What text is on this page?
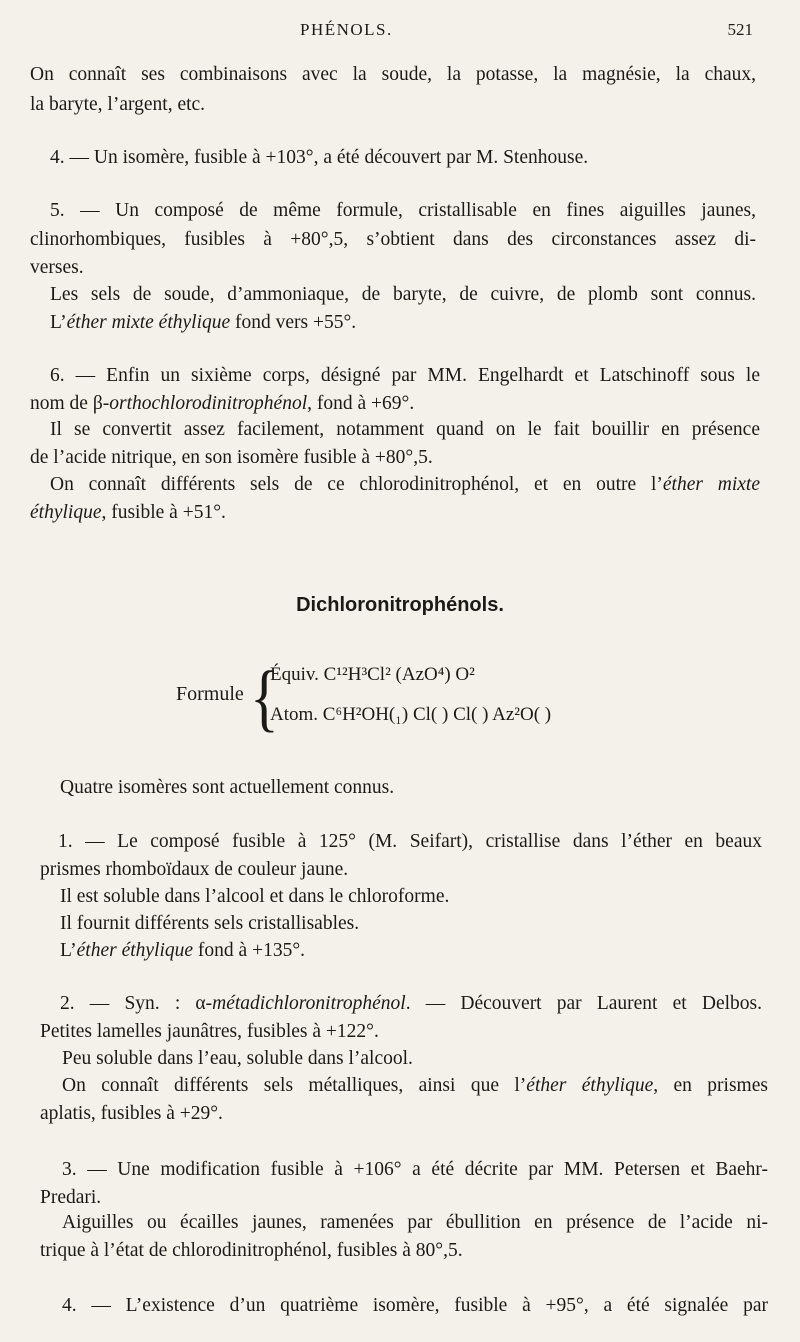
PHÉNOLS.	521
On connaît ses combinaisons avec la soude, la potasse, la magnésie, la chaux,
la baryte, l’argent, etc.
4. — Un isomère, fusible à +103°, a été découvert par M. Stenhouse.
5. — Un composé de même formule, cristallisable en fines aiguilles jaunes,
clinorhombiques, fusibles à +80°,5, s’obtient dans des circonstances assez di-
verses.
Les sels de soude, d’ammoniaque, de baryte, de cuivre, de plomb sont connus.
L’éther mixte éthylique fond vers +55°.
6. — Enfin un sixième corps, désigné par MM. Engelhardt et Latschinoff sous le
nom de β-orthochlorodinitrophénol, fond à +69°.
Il se convertit assez facilement, notamment quand on le fait bouillir en présence
de l’acide nitrique, en son isomère fusible à +80°,5.
On connaît différents sels de ce chlorodinitrophénol, et en outre l’éther mixte
éthylique, fusible à +51°.
Dichloronitrophénols.
Formule {
Équiv. C¹²H³Cl² (AzO⁴) O²
Atom. C⁶H²OH(₁) Cl( ) Cl( ) Az²O( )
Quatre isomères sont actuellement connus.
1. — Le composé fusible à 125° (M. Seifart), cristallise dans l’éther en beaux
prismes rhomboïdaux de couleur jaune.
Il est soluble dans l’alcool et dans le chloroforme.
Il fournit différents sels cristallisables.
L’éther éthylique fond à +135°.
2. — Syn. : α-métadichloronitrophénol. — Découvert par Laurent et Delbos.
Petites lamelles jaunâtres, fusibles à +122°.
Peu soluble dans l’eau, soluble dans l’alcool.
On connaît différents sels métalliques, ainsi que l’éther éthylique, en prismes
aplatis, fusibles à +29°.
3. — Une modification fusible à +106° a été décrite par MM. Petersen et Baehr-
Predari.
Aiguilles ou écailles jaunes, ramenées par ébullition en présence de l’acide ni-
trique à l’état de chlorodinitrophénol, fusibles à 80°,5.
4. — L’existence d’un quatrième isomère, fusible à +95°, a été signalée par
